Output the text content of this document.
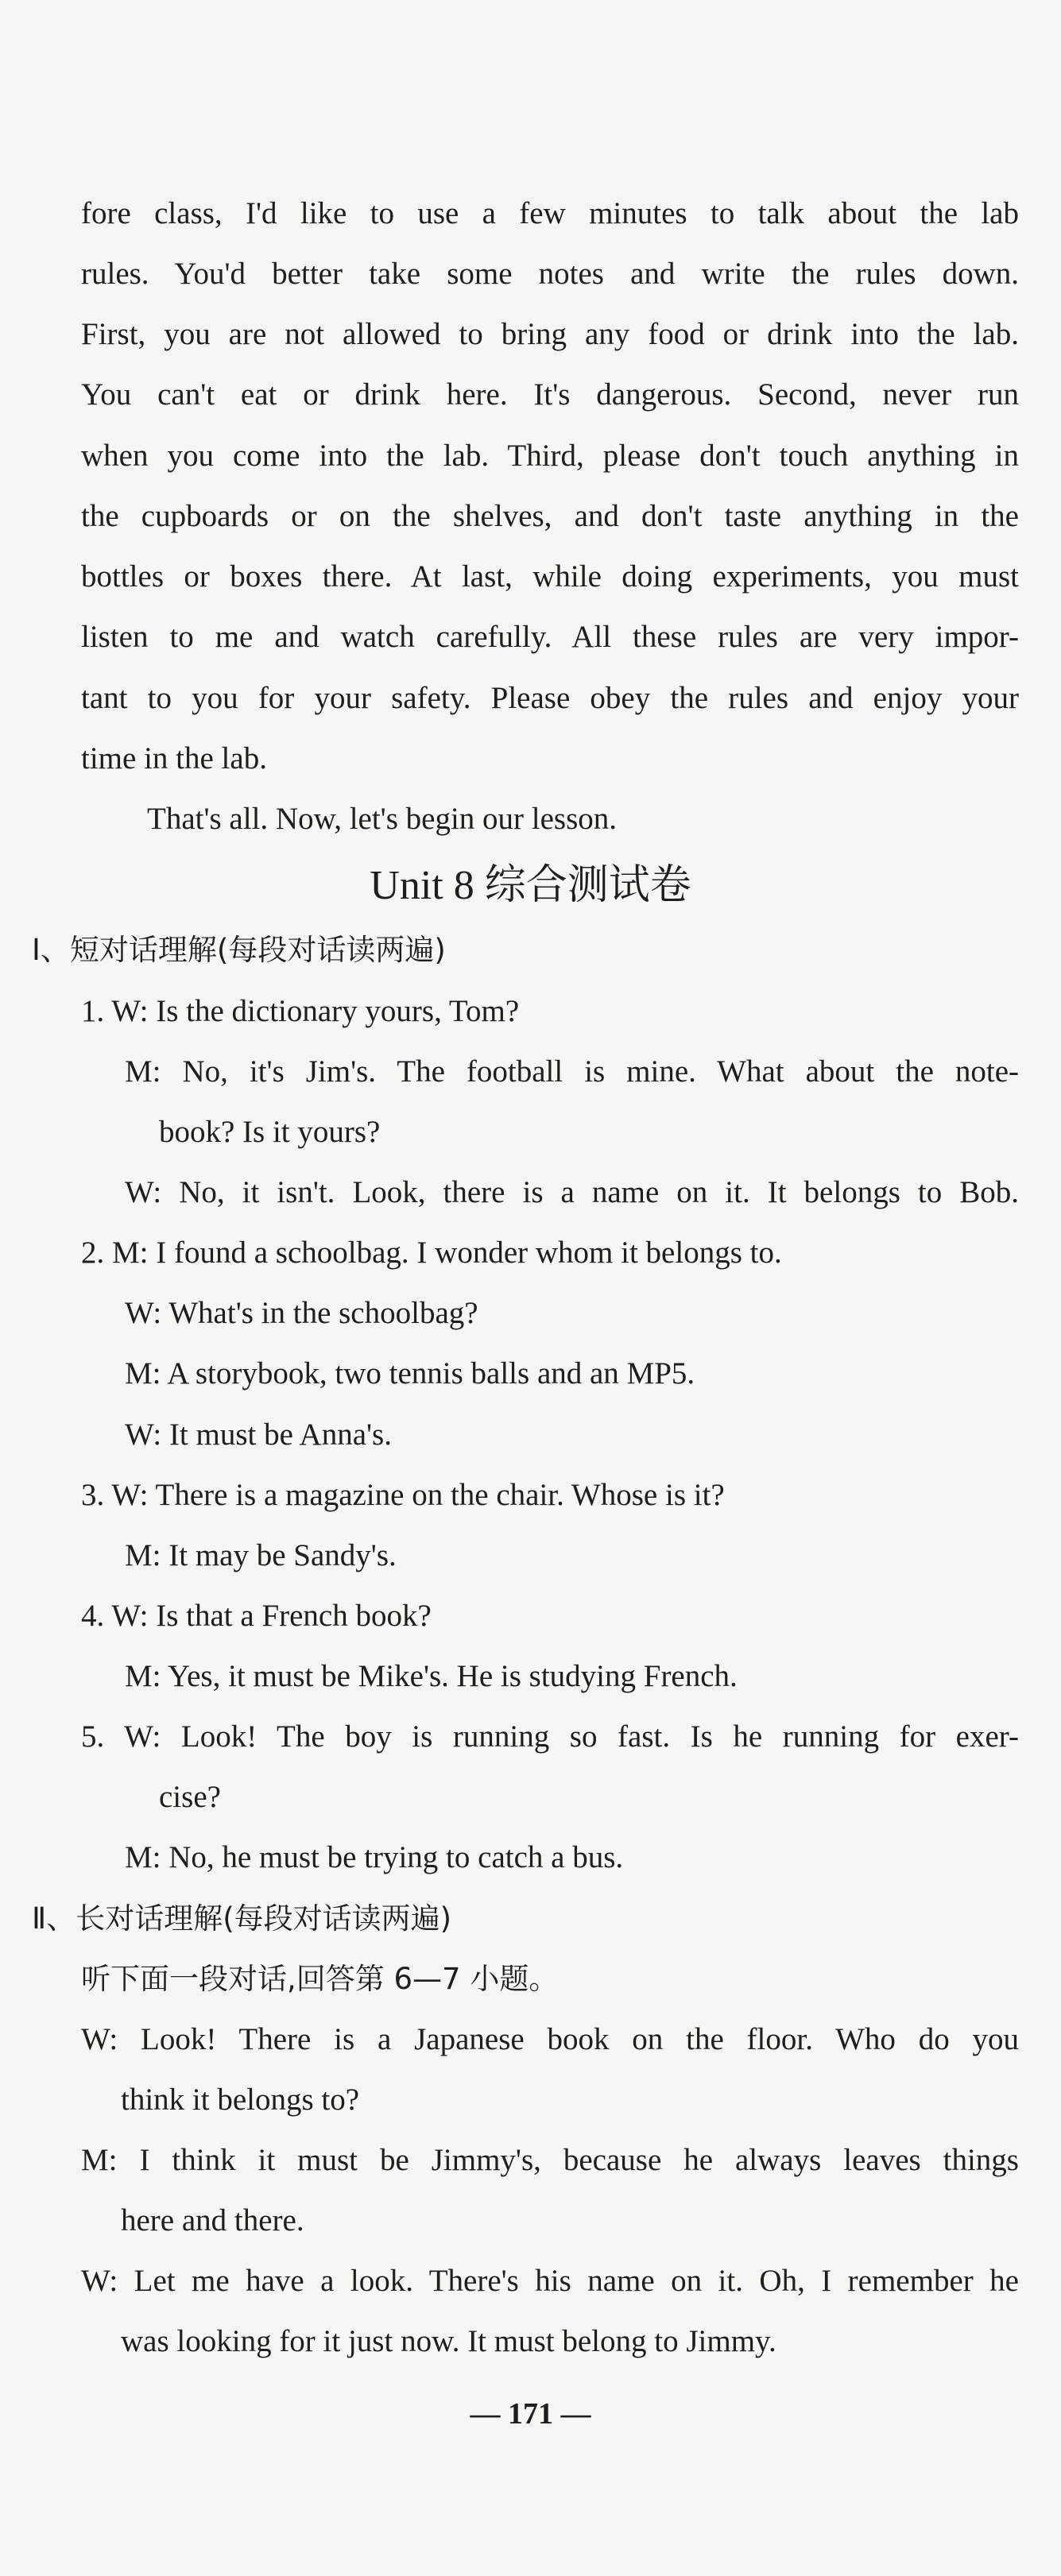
fore class, I'd like to use a few minutes to talk about the lab
rules. You'd better take some notes and write the rules down.
First, you are not allowed to bring any food or drink into the lab.
You can't eat or drink here. It's dangerous. Second, never run
when you come into the lab. Third, please don't touch anything in
the cupboards or on the shelves, and don't taste anything in the
bottles or boxes there. At last, while doing experiments, you must
listen to me and watch carefully. All these rules are very impor-
tant to you for your safety. Please obey the rules and enjoy your
time in the lab.
That's all. Now, let's begin our lesson.
Unit 8 综合测试卷
Ⅰ、短对话理解(每段对话读两遍)
1. W: Is the dictionary yours, Tom?
M: No, it's Jim's. The football is mine. What about the note-
book? Is it yours?
W: No, it isn't. Look, there is a name on it. It belongs to Bob.
2. M: I found a schoolbag. I wonder whom it belongs to.
W: What's in the schoolbag?
M: A storybook, two tennis balls and an MP5.
W: It must be Anna's.
3. W: There is a magazine on the chair. Whose is it?
M: It may be Sandy's.
4. W: Is that a French book?
M: Yes, it must be Mike's. He is studying French.
5. W: Look! The boy is running so fast. Is he running for exer-
cise?
M: No, he must be trying to catch a bus.
Ⅱ、长对话理解(每段对话读两遍)
听下面一段对话,回答第 6—7 小题。
W: Look! There is a Japanese book on the floor. Who do you
think it belongs to?
M: I think it must be Jimmy's, because he always leaves things
here and there.
W: Let me have a look. There's his name on it. Oh, I remember he
was looking for it just now. It must belong to Jimmy.
— 171 —
